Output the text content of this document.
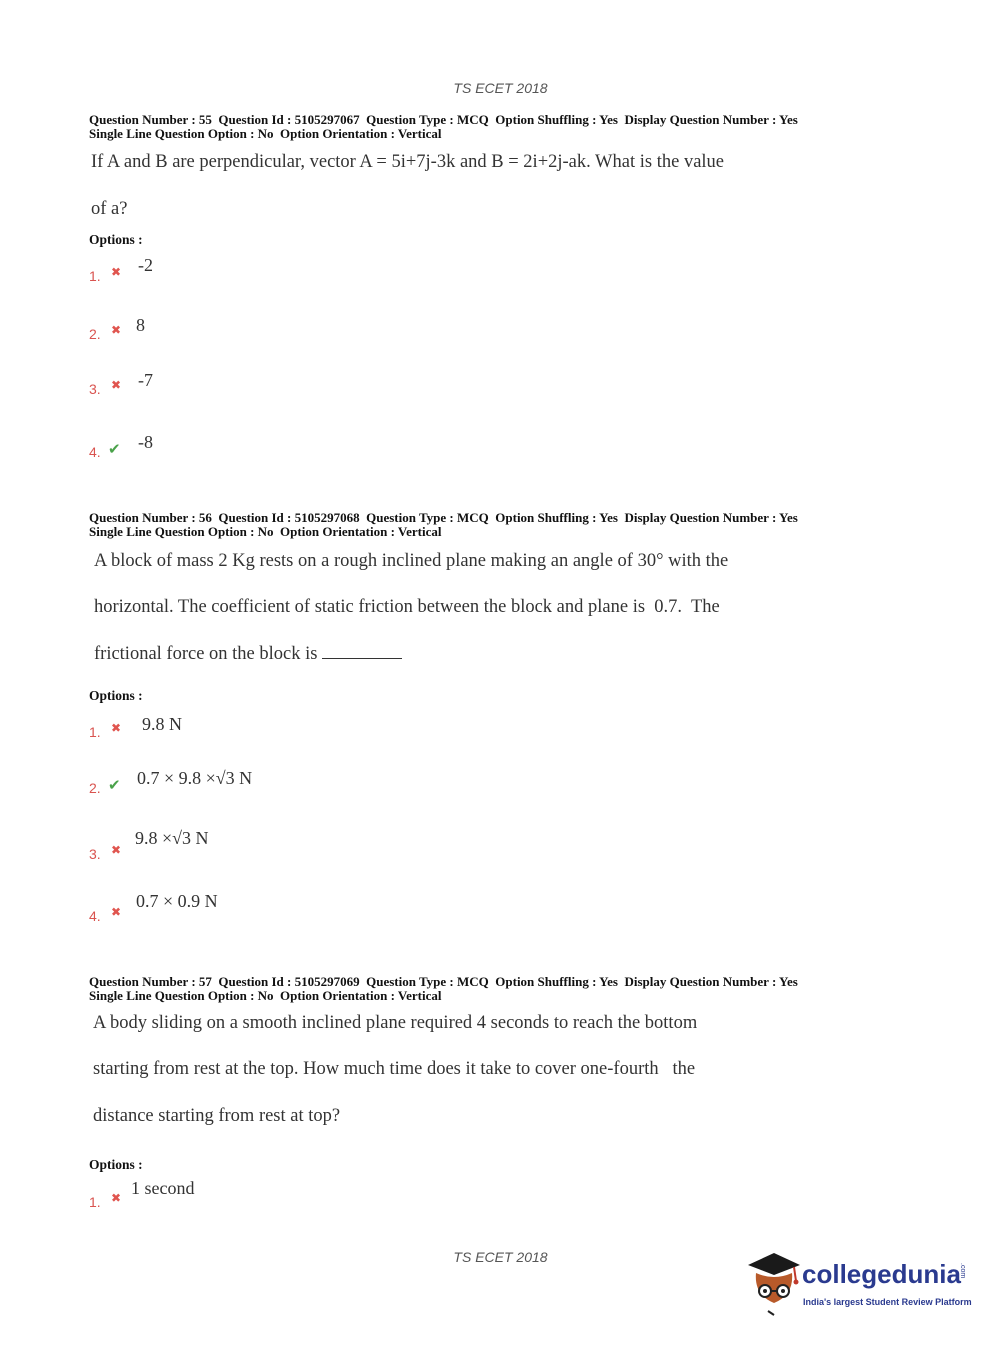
TS ECET 2018
Question Number : 55  Question Id : 5105297067  Question Type : MCQ  Option Shuffling : Yes  Display Question Number : Yes
Single Line Question Option : No  Option Orientation : Vertical
If A and B are perpendicular, vector A = 5i+7j-3k and B = 2i+2j-ak. What is the value
of a?
Options :
1. ✖ -2
2. ✖ 8
3. ✖ -7
4. ✔ -8
Question Number : 56  Question Id : 5105297068  Question Type : MCQ  Option Shuffling : Yes  Display Question Number : Yes
Single Line Question Option : No  Option Orientation : Vertical
A block of mass 2 Kg rests on a rough inclined plane making an angle of 30° with the
horizontal. The coefficient of static friction between the block and plane is  0.7.  The
frictional force on the block is
Options :
1. ✖ 9.8 N
2. ✔ 0.7 × 9.8 ×√3 N
3. ✖
9.8 ×√3 N
4. ✖
0.7 × 0.9 N
Question Number : 57  Question Id : 5105297069  Question Type : MCQ  Option Shuffling : Yes  Display Question Number : Yes
Single Line Question Option : No  Option Orientation : Vertical
A body sliding on a smooth inclined plane required 4 seconds to reach the bottom
starting from rest at the top. How much time does it take to cover one-fourth   the
distance starting from rest at top?
Options :
1. ✖ 1 second
TS ECET 2018
collegedunia
.com
India's largest Student Review Platform
